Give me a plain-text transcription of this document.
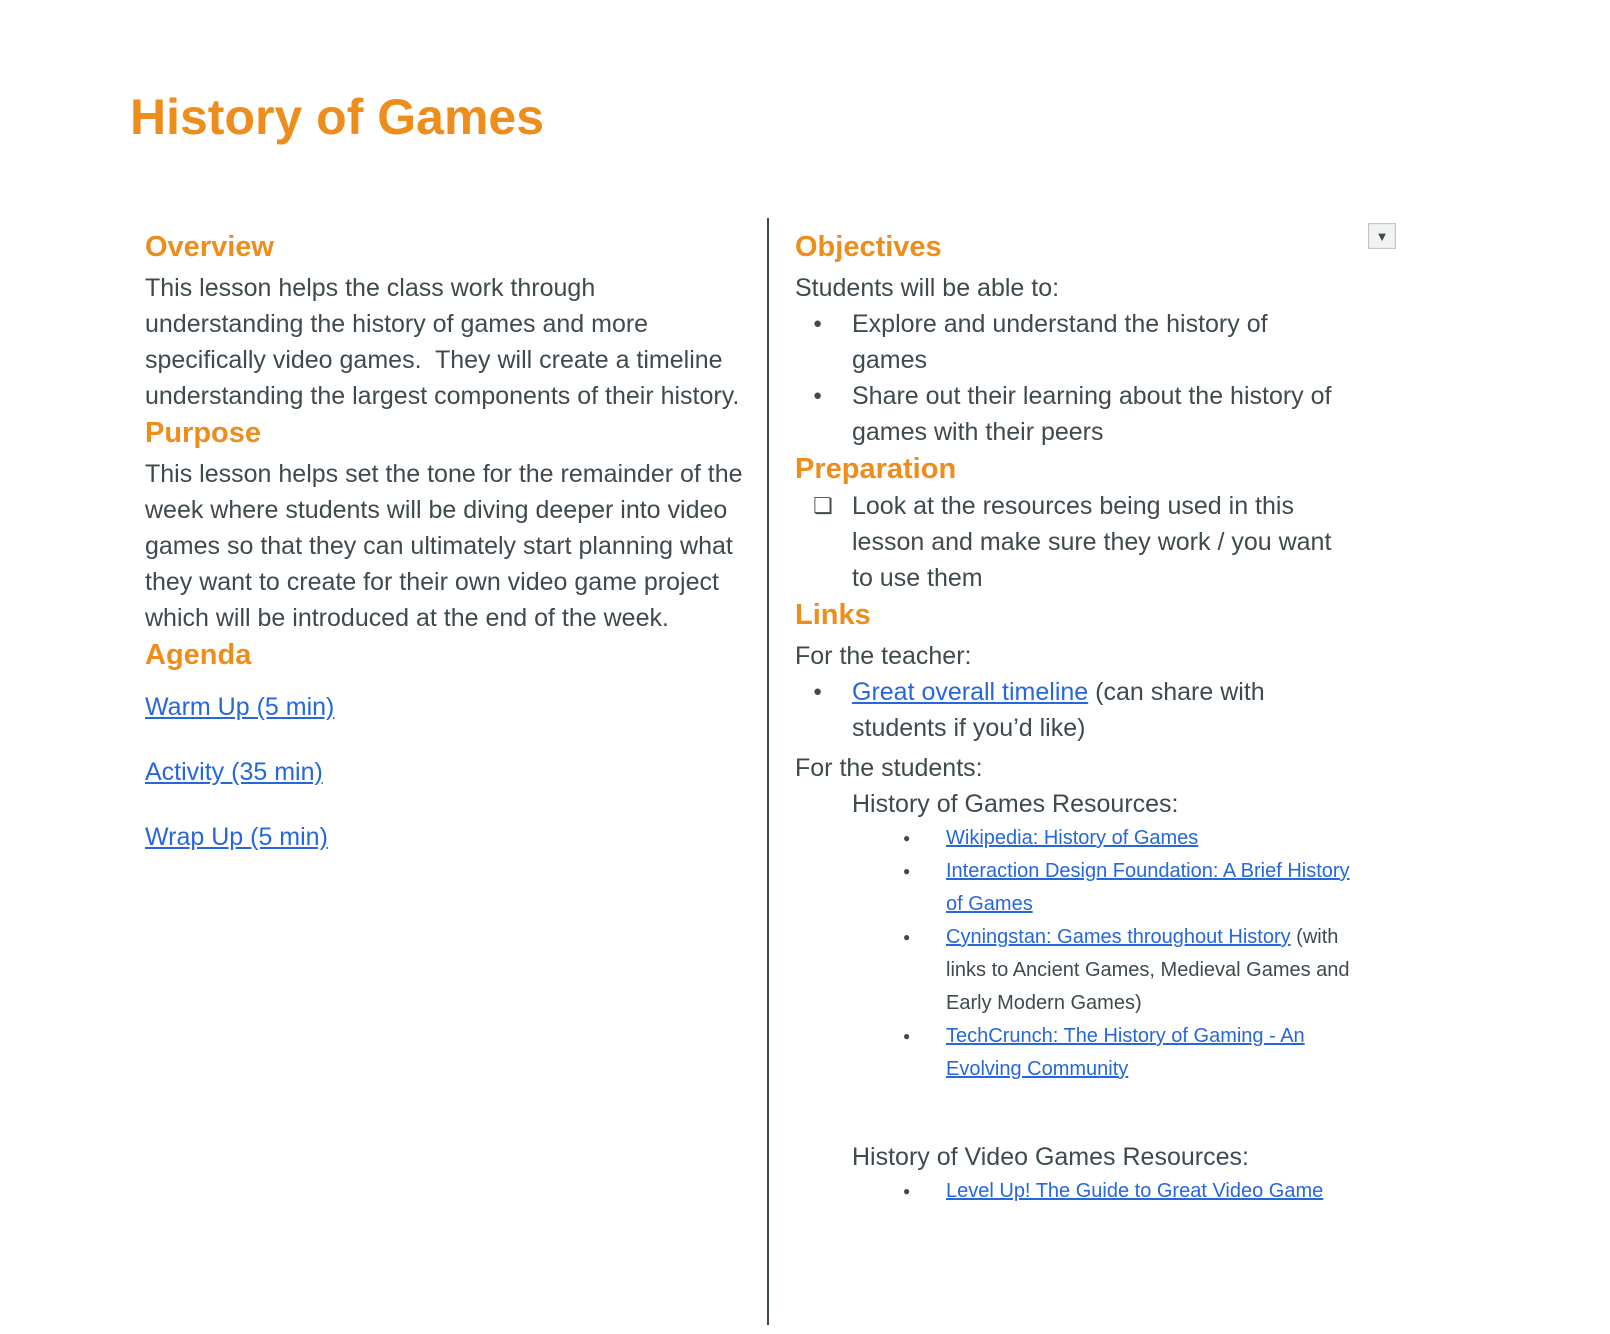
History of Games
▼
Overview

This lesson helps the class work through understanding the history of games and more specifically video games.  They will create a timeline understanding the largest components of their history.

Purpose

This lesson helps set the tone for the remainder of the week where students will be diving deeper into video games so that they can ultimately start planning what they want to create for their own video game project which will be introduced at the end of the week.

Agenda
Warm Up (5 min)
Activity (35 min)
Wrap Up (5 min)
Objectives

Students will be able to:

●	Explore and understand the history of games
●	Share out their learning about the history of games with their peers
Preparation
❏ Look at the resources being used in this lesson and make sure they work / you want to use them
Links

For the teacher:

●	Great overall timeline (can share with students if you’d like)

For the students:

History of Games Resources:

●	Wikipedia: History of Games
●	Interaction Design Foundation: A Brief History of Games
●	Cyningstan: Games throughout History (with links to Ancient Games, Medieval Games and Early Modern Games)
●	TechCrunch: The History of Gaming - An Evolving Community

History of Video Games Resources:

●	Level Up! The Guide to Great Video Game
